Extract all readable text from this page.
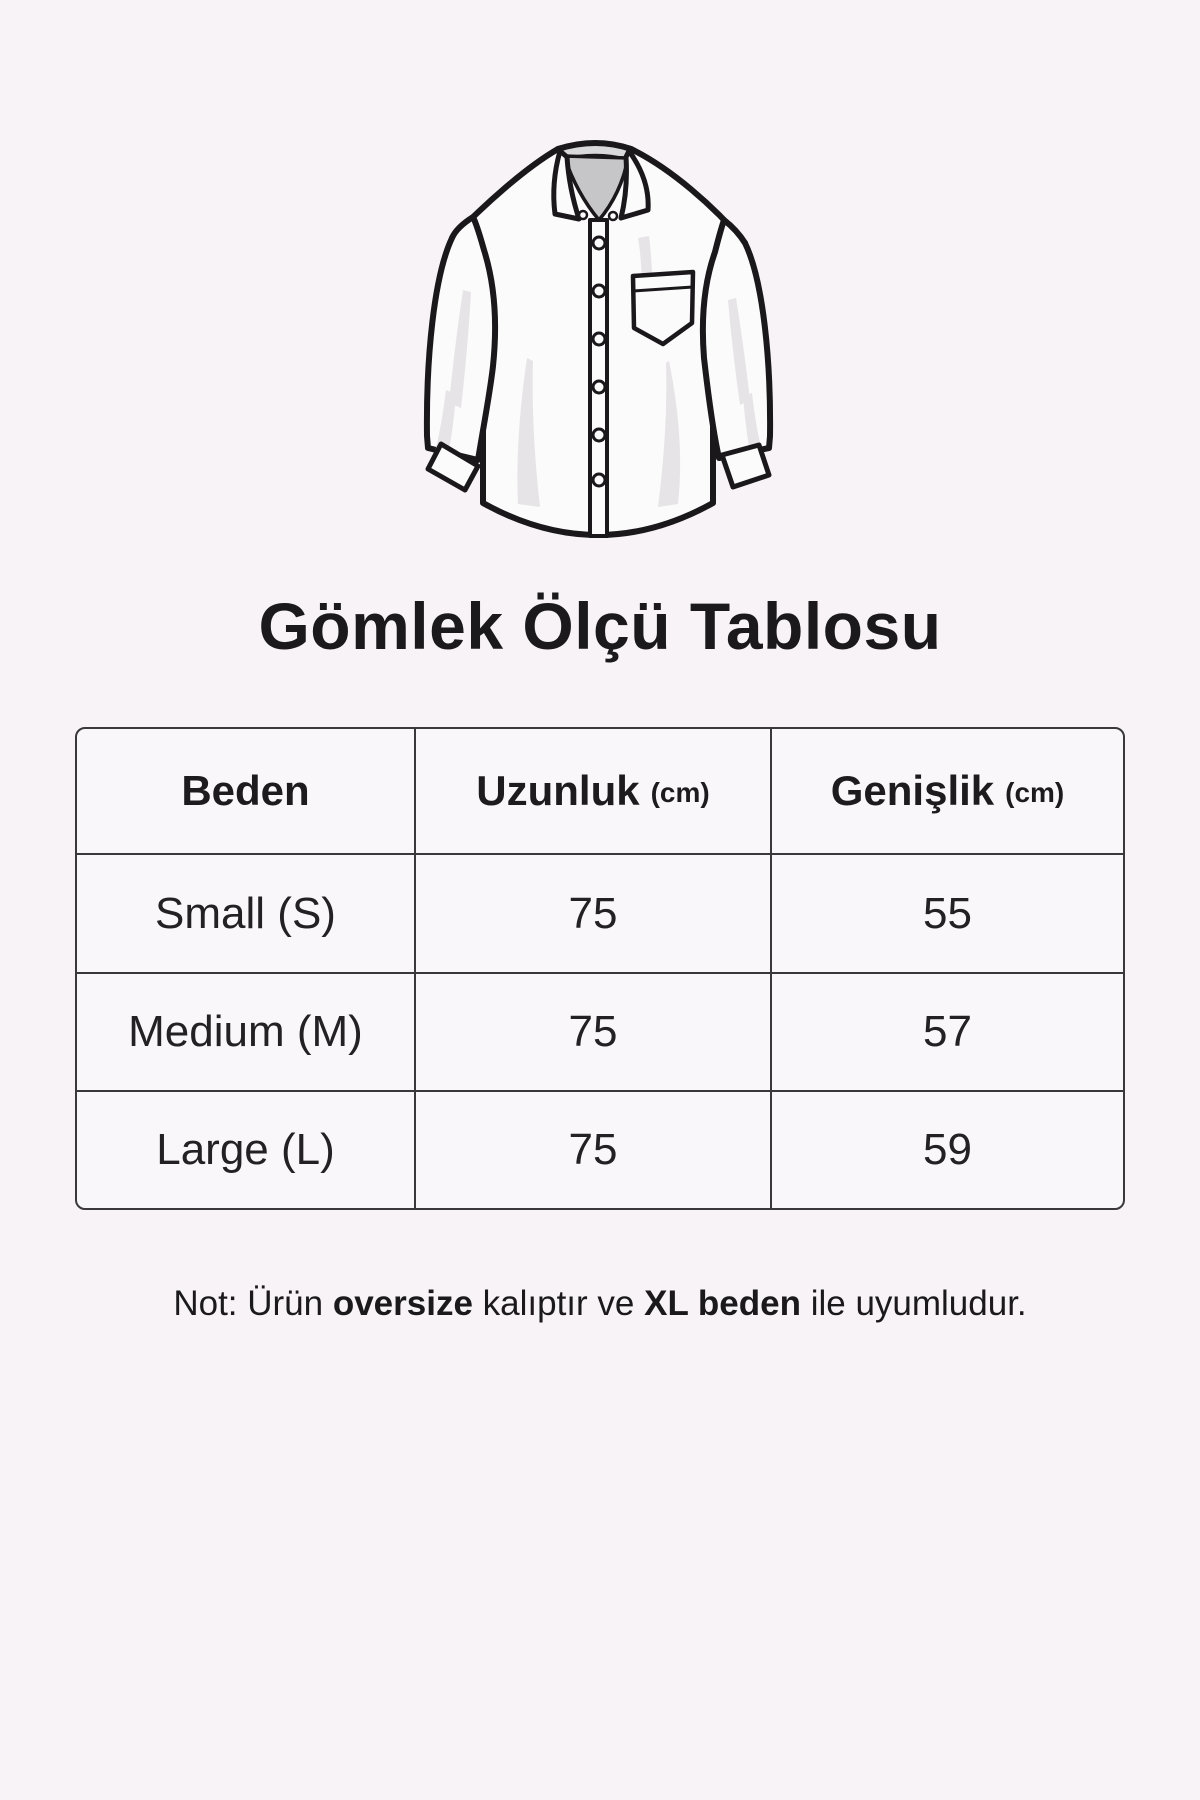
Gömlek Ölçü Tablosu
Beden	Uzunluk (cm)	Genişlik (cm)
Small (S)	75	55
Medium (M)	75	57
Large (L)	75	59
Not: Ürün oversize kalıptır ve XL beden ile uyumludur.
